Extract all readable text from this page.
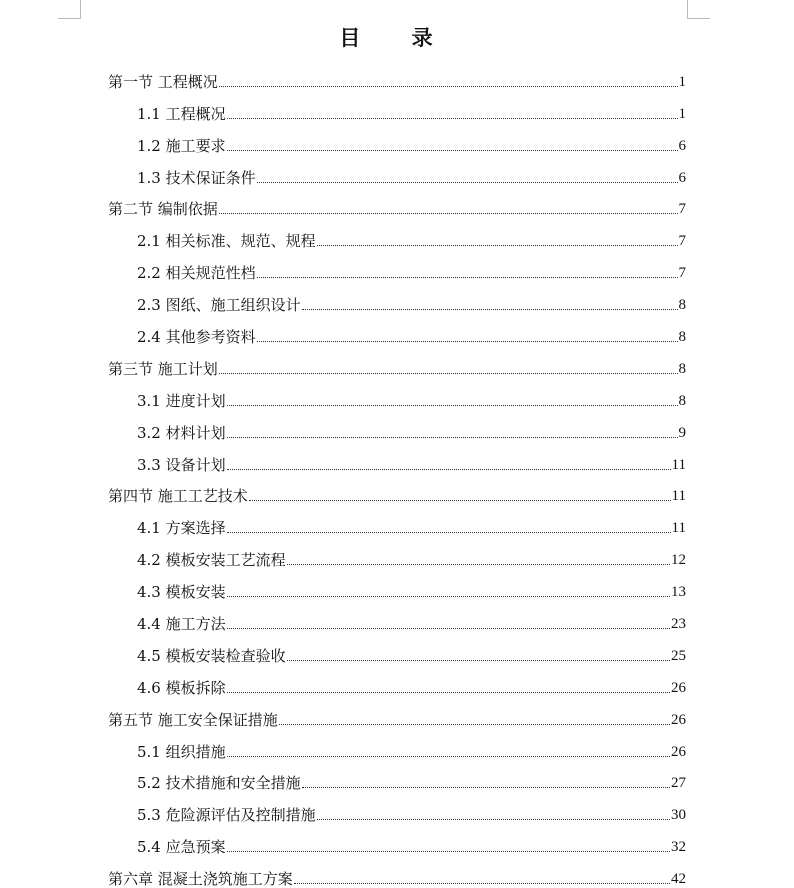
目 录
第一节 工程概况	1
1.1 工程概况	1
1.2 施工要求	6
1.3 技术保证条件	6
第二节 编制依据	7
2.1 相关标准、规范、规程	7
2.2 相关规范性档	7
2.3 图纸、施工组织设计	8
2.4 其他参考资料	8
第三节 施工计划	8
3.1 进度计划	8
3.2 材料计划	9
3.3 设备计划	11
第四节 施工工艺技术	11
4.1 方案选择	11
4.2 模板安装工艺流程	12
4.3 模板安装	13
4.4 施工方法	23
4.5 模板安装检查验收	25
4.6 模板拆除	26
第五节 施工安全保证措施	26
5.1 组织措施	26
5.2 技术措施和安全措施	27
5.3 危险源评估及控制措施	30
5.4 应急预案	32
第六章 混凝土浇筑施工方案	42
